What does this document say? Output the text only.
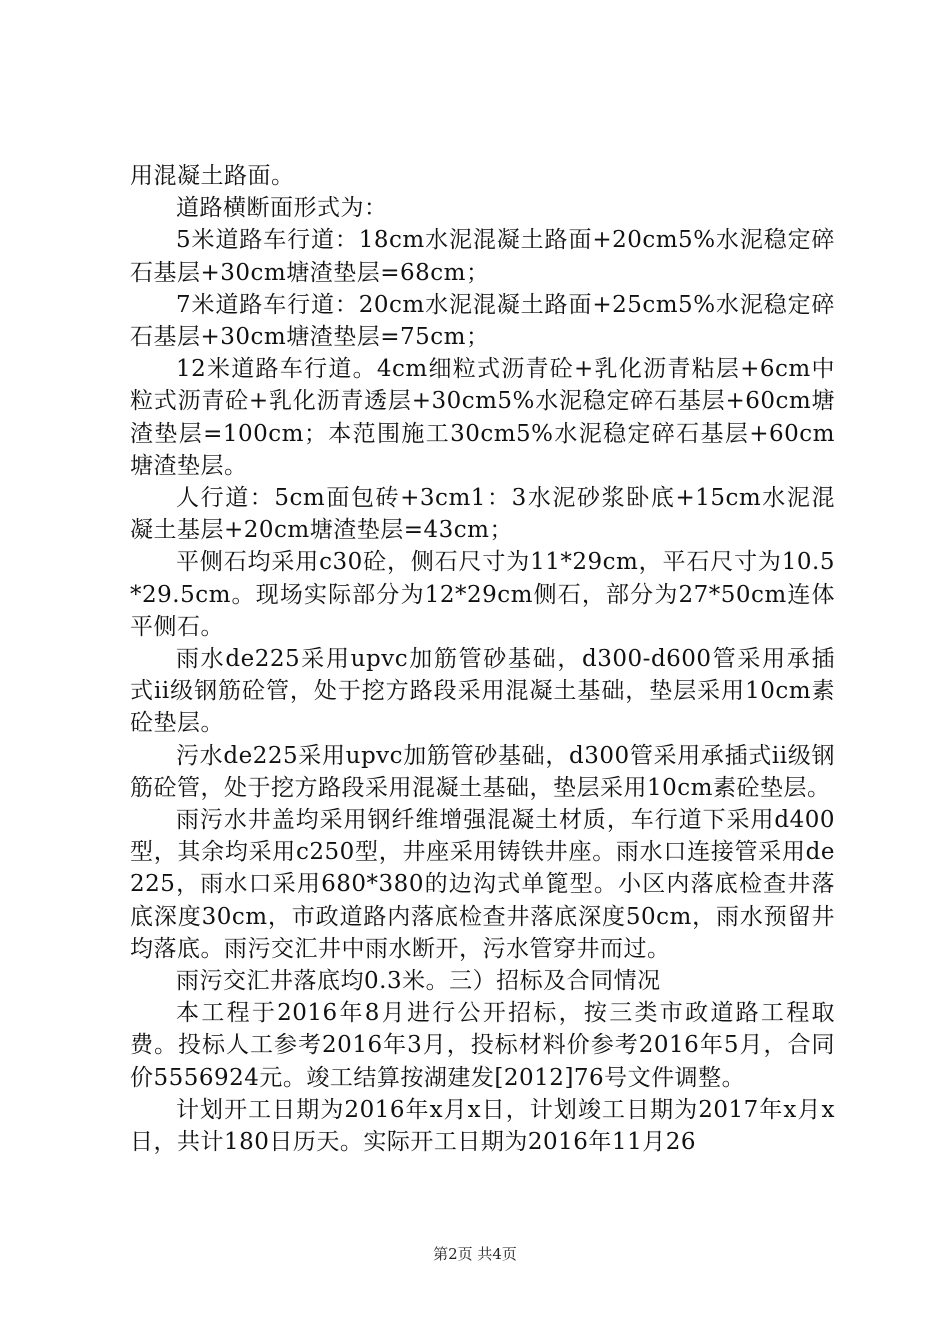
用混凝土路面。

道路横断面形式为：

5米道路车行道：18cm水泥混凝土路面+20cm5%水泥稳定碎石基层+30cm塘渣垫层=68cm；

7米道路车行道：20cm水泥混凝土路面+25cm5%水泥稳定碎石基层+30cm塘渣垫层=75cm；

12米道路车行道。4cm细粒式沥青砼+乳化沥青粘层+6cm中粒式沥青砼+乳化沥青透层+30cm5%水泥稳定碎石基层+60cm塘渣垫层=100cm；本范围施工30cm5%水泥稳定碎石基层+60cm塘渣垫层。

人行道：5cm面包砖+3cm1：3水泥砂浆卧底+15cm水泥混凝土基层+20cm塘渣垫层=43cm；

平侧石均采用c30砼，侧石尺寸为11*29cm，平石尺寸为10.5*29.5cm。现场实际部分为12*29cm侧石，部分为27*50cm连体平侧石。

雨水de225采用upvc加筋管砂基础，d300-d600管采用承插式ii级钢筋砼管，处于挖方路段采用混凝土基础，垫层采用10cm素砼垫层。

污水de225采用upvc加筋管砂基础，d300管采用承插式ii级钢筋砼管，处于挖方路段采用混凝土基础，垫层采用10cm素砼垫层。

雨污水井盖均采用钢纤维增强混凝土材质，车行道下采用d400型，其余均采用c250型，井座采用铸铁井座。雨水口连接管采用de225，雨水口采用680*380的边沟式单篦型。小区内落底检查井落底深度30cm，市政道路内落底检查井落底深度50cm，雨水预留井均落底。雨污交汇井中雨水断开，污水管穿井而过。

雨污交汇井落底均0.3米。三）招标及合同情况

本工程于2016年8月进行公开招标，按三类市政道路工程取费。投标人工参考2016年3月，投标材料价参考2016年5月，合同价5556924元。竣工结算按湖建发[2012]76号文件调整。

计划开工日期为2016年x月x日，计划竣工日期为2017年x月x日，共计180日历天。实际开工日期为2016年11月26

第2页 共4页
